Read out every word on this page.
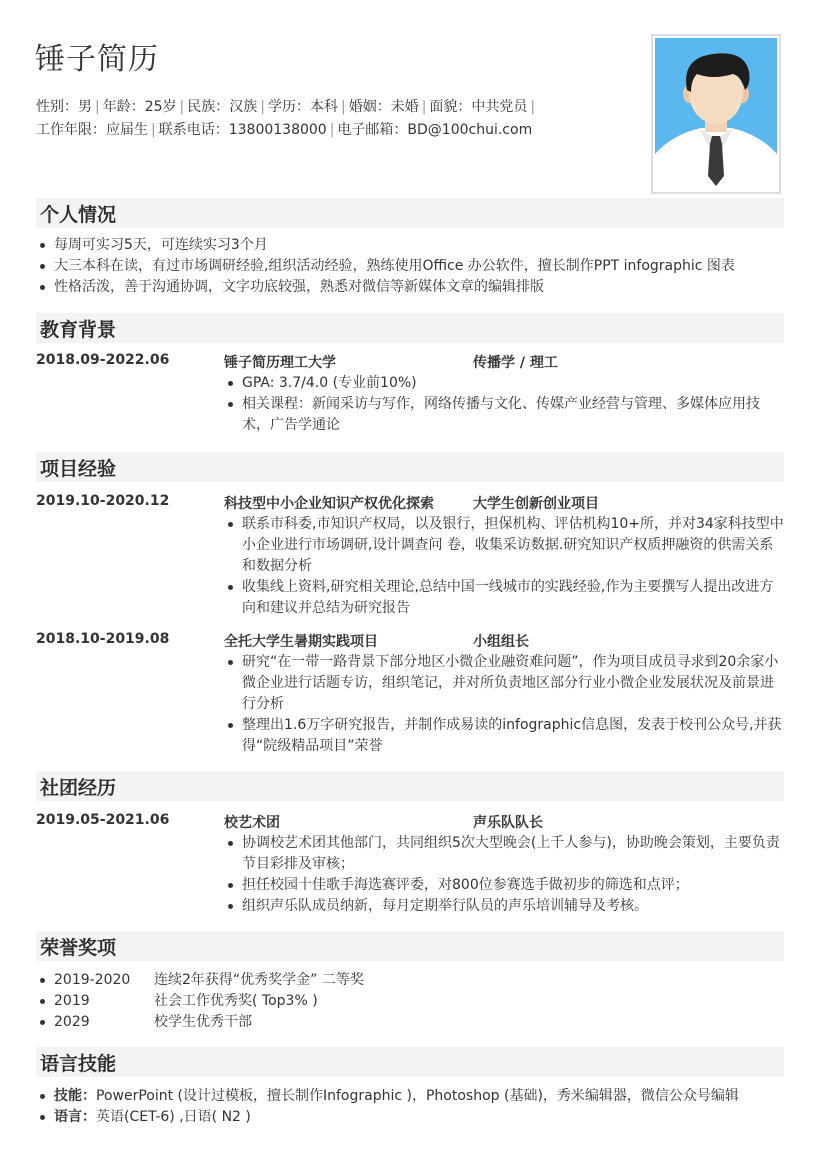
锤子简历
性别：男 | 年龄：25岁 | 民族：汉族 | 学历：本科 | 婚姻：未婚 | 面貌：中共党员 |
工作年限：应届生 | 联系电话：13800138000 | 电子邮箱：BD@100chui.com
个人情况
每周可实习5天，可连续实习3个月
大三本科在读，有过市场调研经验,组织活动经验，熟练使用Office 办公软件，擅长制作PPT infographic 图表
性格活泼，善于沟通协调，文字功底较强，熟悉对微信等新媒体文章的编辑排版
教育背景
2018.09-2022.06	锤子简历理工大学	传播学 / 理工
GPA: 3.7/4.0 (专业前10%)
相关课程：新闻采访与写作，网络传播与文化、传媒产业经营与管理、多媒体应用技术，广告学通论
项目经验
2019.10-2020.12	科技型中小企业知识产权优化探索	大学生创新创业项目
联系市科委,市知识产权局，以及银行，担保机构、评估机构10+所，并对34家科技型中小企业进行市场调研,设计调查问 卷，收集采访数据.研究知识产权质押融资的供需关系和数据分析
收集线上资料,研究相关理论,总结中国一线城市的实践经验,作为主要撰写人提出改进方向和建议并总结为研究报告
2018.10-2019.08	全托大学生暑期实践项目	小组组长
研究“在一带一路背景下部分地区小微企业融资难问题”，作为项目成员寻求到20余家小微企业进行话题专访，组织笔记，并对所负责地区部分行业小微企业发展状况及前景进行分析
整理出1.6万字研究报告，并制作成易读的infographic信息图，发表于校刊公众号,并获得“院级精品项目”荣誉
社团经历
2019.05-2021.06	校艺术团	声乐队队长
协调校艺术团其他部门，共同组织5次大型晚会(上千人参与)，协助晚会策划，主要负责节目彩排及审核；
担任校园十佳歌手海选赛评委，对800位参赛选手做初步的筛选和点评；
组织声乐队成员纳新，每月定期举行队员的声乐培训辅导及考核。
荣誉奖项
2019-2020 连续2年获得“优秀奖学金” 二等奖
2019	社会工作优秀奖( Top3% )
2029	校学生优秀干部
语言技能
技能：PowerPoint (设计过模板，擅长制作Infographic )，Photoshop (基础)，秀米编辑器，微信公众号编辑
语言：英语(CET-6) ,日语( N2 )
